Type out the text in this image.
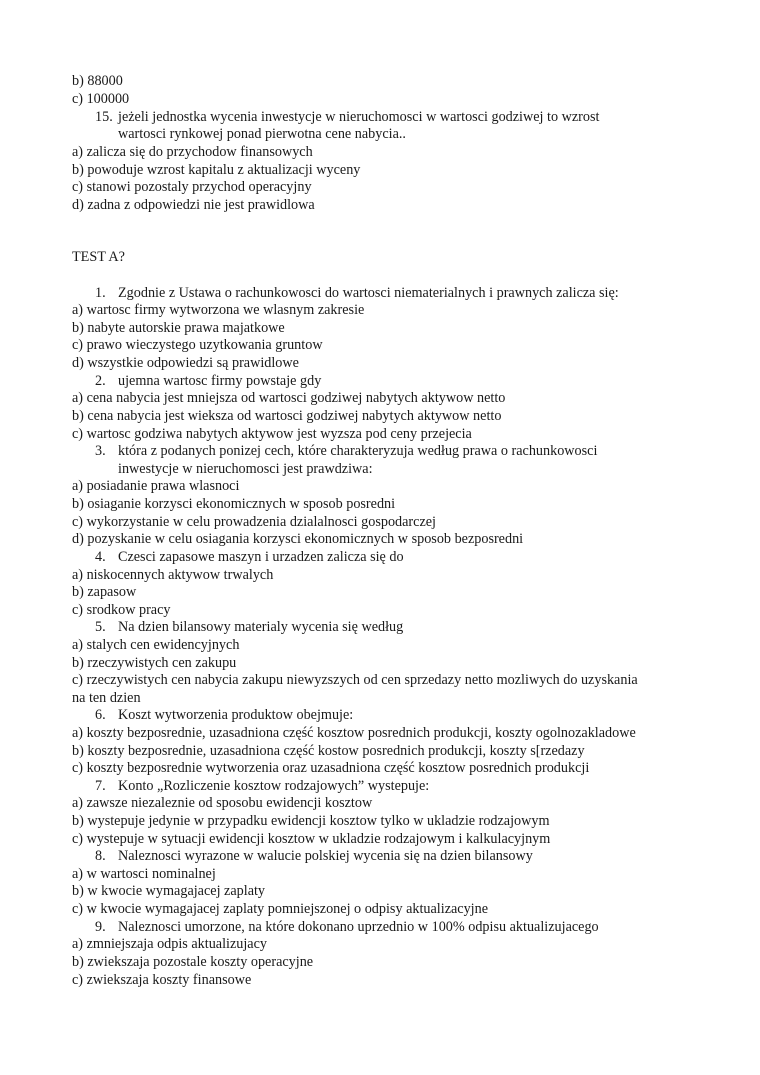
b) 88000
c) 100000
15. jeżeli jednostka wycenia inwestycje w nieruchomosci w wartosci godziwej to wzrost
wartosci rynkowej ponad pierwotna cene nabycia..
a) zalicza się do przychodow finansowych
b) powoduje wzrost kapitalu z aktualizacji wyceny
c) stanowi pozostaly przychod operacyjny
d) zadna z odpowiedzi nie jest prawidlowa
TEST A?
1. Zgodnie z Ustawa o rachunkowosci do wartosci niematerialnych i prawnych zalicza się:
a) wartosc firmy wytworzona we wlasnym zakresie
b) nabyte autorskie prawa majatkowe
c) prawo wieczystego uzytkowania gruntow
d) wszystkie odpowiedzi są prawidlowe
2. ujemna wartosc firmy powstaje gdy
a) cena nabycia jest mniejsza od wartosci godziwej nabytych aktywow netto
b) cena nabycia jest wieksza od wartosci godziwej nabytych aktywow netto
c) wartosc godziwa nabytych aktywow jest wyzsza pod ceny przejecia
3. która z podanych ponizej cech, które charakteryzuja według prawa o rachunkowosci
inwestycje w nieruchomosci jest prawdziwa:
a) posiadanie prawa wlasnoci
b) osiaganie korzysci ekonomicznych w sposob posredni
c) wykorzystanie w celu prowadzenia dzialalnosci gospodarczej
d) pozyskanie w celu osiagania korzysci ekonomicznych w sposob bezposredni
4. Czesci zapasowe maszyn i urzadzen zalicza się do
a) niskocennych aktywow trwalych
b) zapasow
c) srodkow pracy
5. Na dzien bilansowy materialy wycenia się według
a) stalych cen ewidencyjnych
b) rzeczywistych cen zakupu
c) rzeczywistych cen nabycia zakupu niewyzszych od cen sprzedazy netto mozliwych do uzyskania
na ten dzien
6. Koszt wytworzenia produktow obejmuje:
a) koszty bezposrednie, uzasadniona część kosztow posrednich produkcji, koszty ogolnozakladowe
b) koszty bezposrednie, uzasadniona część kostow posrednich produkcji, koszty s[rzedazy
c) koszty bezposrednie wytworzenia oraz uzasadniona część kosztow posrednich produkcji
7. Konto „Rozliczenie kosztow rodzajowych” wystepuje:
a) zawsze niezaleznie od sposobu ewidencji kosztow
b) wystepuje jedynie w przypadku ewidencji kosztow tylko w ukladzie rodzajowym
c) wystepuje w sytuacji ewidencji kosztow w ukladzie rodzajowym i kalkulacyjnym
8. Naleznosci wyrazone w walucie polskiej wycenia się na dzien bilansowy
a) w wartosci nominalnej
b) w kwocie wymagajacej zaplaty
c) w kwocie wymagajacej zaplaty pomniejszonej o odpisy aktualizacyjne
9. Naleznosci umorzone, na które dokonano uprzednio w 100% odpisu aktualizujacego
a) zmniejszaja odpis aktualizujacy
b) zwiekszaja pozostale koszty operacyjne
c) zwiekszaja koszty finansowe
